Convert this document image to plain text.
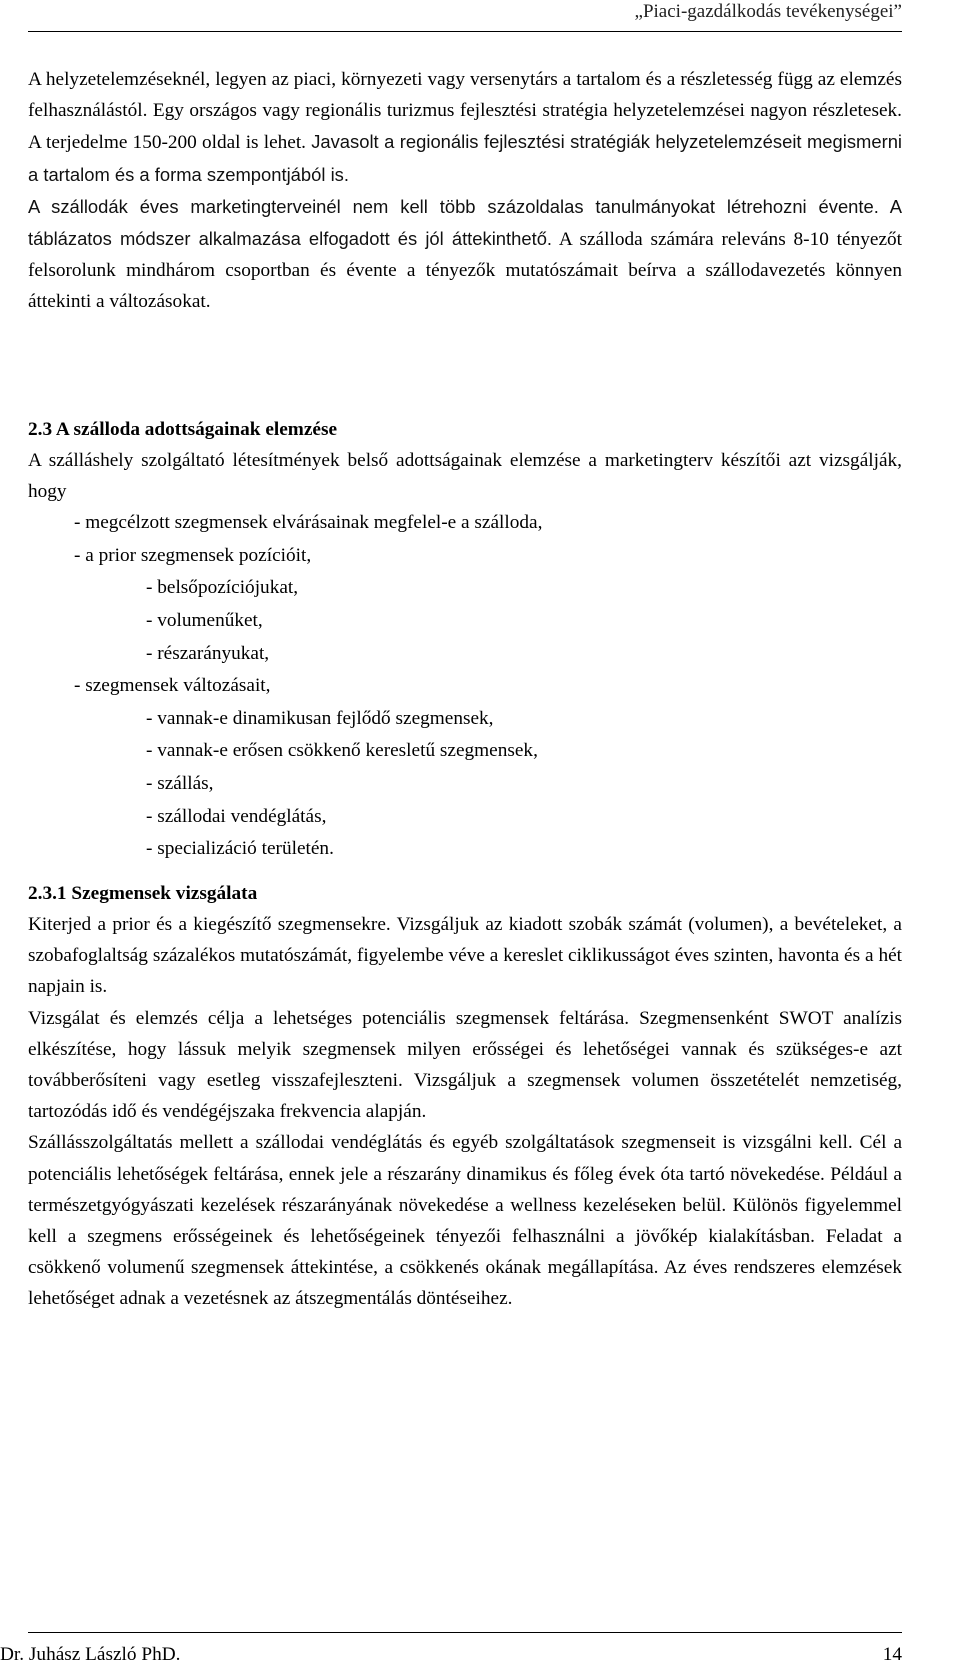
„Piaci-gazdálkodás tevékenységei”

A helyzetelemzéseknél, legyen az piaci, környezeti vagy versenytárs a tartalom és a részletesség függ az elemzés felhasználástól. Egy országos vagy regionális turizmus fejlesztési stratégia helyzetelemzései nagyon részletesek. A terjedelme 150-200 oldal is lehet. Javasolt a regionális fejlesztési stratégiák helyzetelemzéseit megismerni a tartalom és a forma szempontjából is.

A szállodák éves marketingterveinél nem kell több százoldalas tanulmányokat létrehozni évente. A táblázatos módszer alkalmazása elfogadott és jól áttekinthető. A szálloda számára releváns 8-10 tényezőt felsorolunk mindhárom csoportban és évente a tényezők mutatószámait beírva a szállodavezetés könnyen áttekinti a változásokat.

2.3 A szálloda adottságainak elemzése

A szálláshely szolgáltató létesítmények belső adottságainak elemzése a marketingterv készítői azt vizsgálják, hogy

- megcélzott szegmensek elvárásainak megfelel-e a szálloda,

- a prior szegmensek pozícióit,

- belsőpozíciójukat,

- volumenűket,

- részarányukat,

- szegmensek változásait,

- vannak-e dinamikusan fejlődő szegmensek,

- vannak-e erősen csökkenő keresletű szegmensek,

- szállás,

- szállodai vendéglátás,

- specializáció területén.

2.3.1 Szegmensek vizsgálata

Kiterjed a prior és a kiegészítő szegmensekre. Vizsgáljuk az kiadott szobák számát (volumen), a bevételeket, a szobafoglaltság százalékos mutatószámát, figyelembe véve a kereslet ciklikusságot éves szinten, havonta és a hét napjain is.

Vizsgálat és elemzés célja a lehetséges potenciális szegmensek feltárása. Szegmensenként SWOT analízis elkészítése, hogy lássuk melyik szegmensek milyen erősségei és lehetőségei vannak és szükséges-e azt továbberősíteni vagy esetleg visszafejleszteni. Vizsgáljuk a szegmensek volumen összetételét nemzetiség, tartozódás idő és vendégéjszaka frekvencia alapján.

Szállásszolgáltatás mellett a szállodai vendéglátás és egyéb szolgáltatások szegmenseit is vizsgálni kell. Cél a potenciális lehetőségek feltárása, ennek jele a részarány dinamikus és főleg évek óta tartó növekedése. Például a természetgyógyászati kezelések részarányának növekedése a wellness kezeléseken belül. Különös figyelemmel kell a szegmens erősségeinek és lehetőségeinek tényezői felhasználni a jövőkép kialakításban. Feladat a csökkenő volumenű szegmensek áttekintése, a csökkenés okának megállapítása. Az éves rendszeres elemzések lehetőséget adnak a vezetésnek az átszegmentálás döntéseihez.

Dr. Juhász László PhD.	14
